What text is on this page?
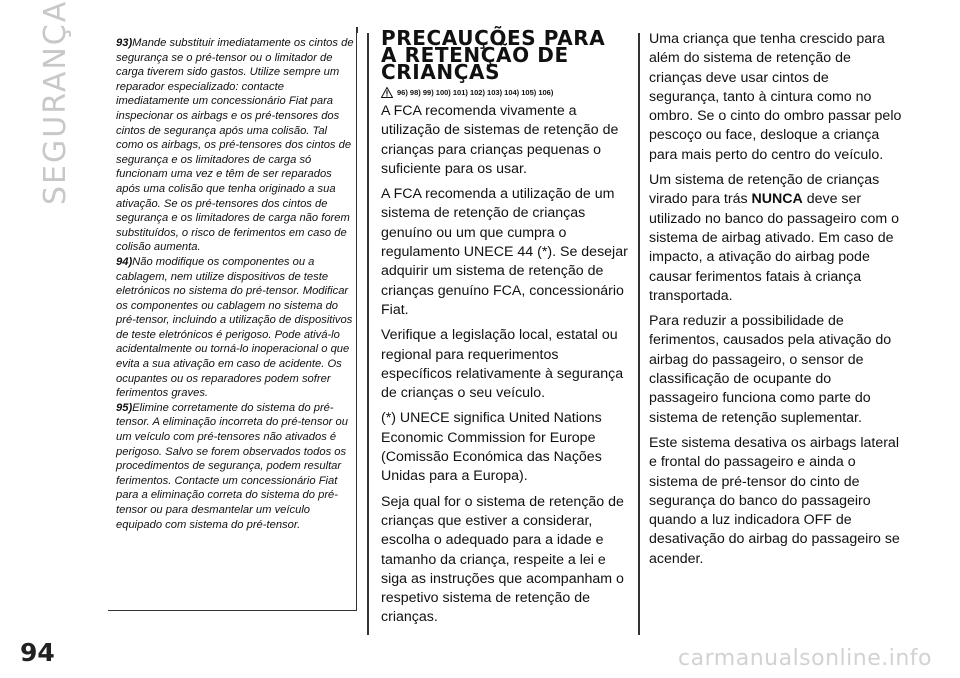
SEGURANÇA	93)Mande substituir imediatamente os cintos de segurança se o pré-tensor ou o limitador de carga tiverem sido gastos. Utilize sempre um reparador especializado: contacte imediatamente um concessionário Fiat para inspecionar os airbags e os pré-tensores dos cintos de segurança após uma colisão. Tal como os airbags, os pré-tensores dos cintos de segurança e os limitadores de carga só funcionam uma vez e têm de ser reparados após uma colisão que tenha originado a sua ativação. Se os pré-tensores dos cintos de segurança e os limitadores de carga não forem substituídos, o risco de ferimentos em caso de colisão aumenta.

94)Não modifique os componentes ou a cablagem, nem utilize dispositivos de teste eletrónicos no sistema do pré-tensor. Modificar os componentes ou cablagem no sistema do pré-tensor, incluindo a utilização de dispositivos de teste eletrónicos é perigoso. Pode ativá-lo acidentalmente ou torná-lo inoperacional o que evita a sua ativação em caso de acidente. Os ocupantes ou os reparadores podem sofrer ferimentos graves.

95)Elimine corretamente do sistema do pré-tensor. A eliminação incorreta do pré-tensor ou um veículo com pré-tensores não ativados é perigoso. Salvo se forem observados todos os procedimentos de segurança, podem resultar ferimentos. Contacte um concessionário Fiat para a eliminação correta do sistema do pré-tensor ou para desmantelar um veículo equipado com sistema do pré-tensor.

PRECAUÇÕES PARA
A RETENÇÃO DE
CRIANÇAS
96) 98) 99) 100) 101) 102) 103) 104) 105) 106)

A FCA recomenda vivamente a utilização de sistemas de retenção de crianças para crianças pequenas o suficiente para os usar.

A FCA recomenda a utilização de um sistema de retenção de crianças genuíno ou um que cumpra o regulamento UNECE 44 (*). Se desejar adquirir um sistema de retenção de crianças genuíno FCA, concessionário Fiat.

Verifique a legislação local, estatal ou regional para requerimentos específicos relativamente à segurança de crianças o seu veículo.

(*) UNECE significa United Nations Economic Commission for Europe (Comissão Económica das Nações Unidas para a Europa).

Seja qual for o sistema de retenção de crianças que estiver a considerar, escolha o adequado para a idade e tamanho da criança, respeite a lei e siga as instruções que acompanham o respetivo sistema de retenção de crianças.

Uma criança que tenha crescido para além do sistema de retenção de crianças deve usar cintos de segurança, tanto à cintura como no ombro. Se o cinto do ombro passar pelo pescoço ou face, desloque a criança para mais perto do centro do veículo.

Um sistema de retenção de crianças virado para trás NUNCA deve ser utilizado no banco do passageiro com o sistema de airbag ativado. Em caso de impacto, a ativação do airbag pode causar ferimentos fatais à criança transportada.

Para reduzir a possibilidade de ferimentos, causados pela ativação do airbag do passageiro, o sensor de classificação de ocupante do passageiro funciona como parte do sistema de retenção suplementar.

Este sistema desativa os airbags lateral e frontal do passageiro e ainda o sistema de pré-tensor do cinto de segurança do banco do passageiro quando a luz indicadora OFF de desativação do airbag do passageiro se acender.

94	carmanualsonline.info
